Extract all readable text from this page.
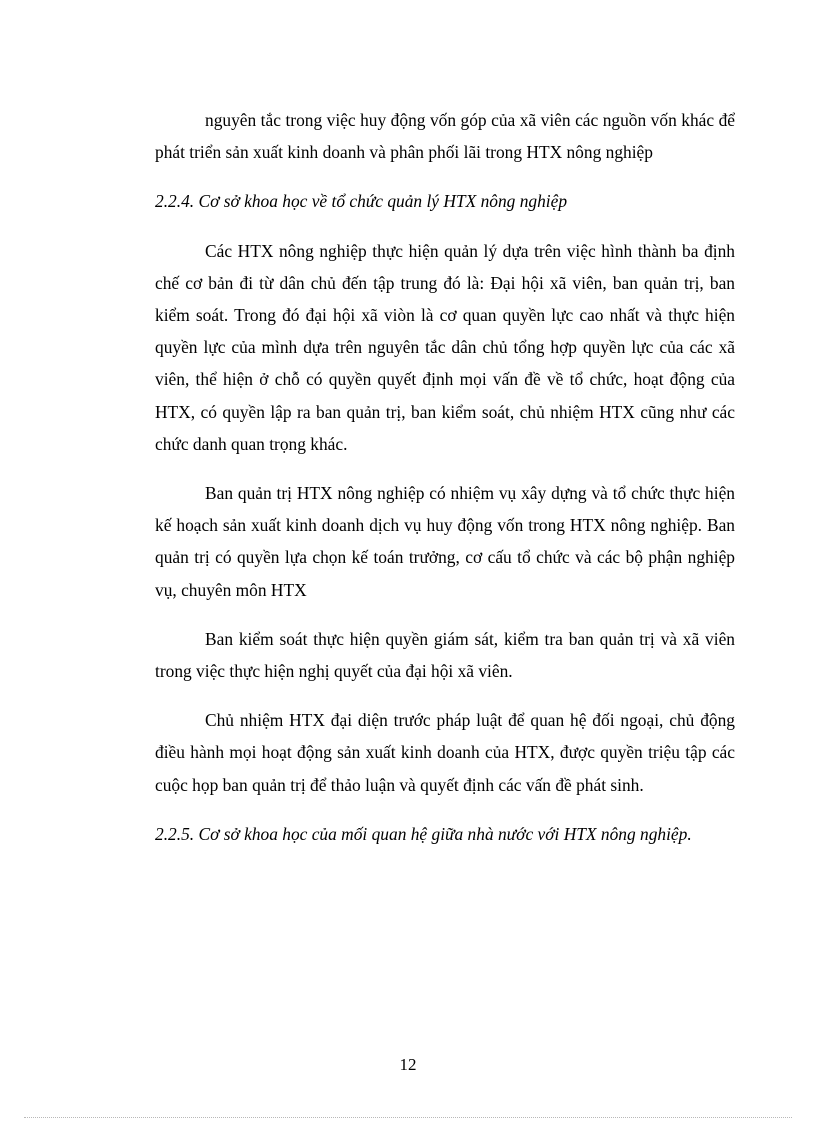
nguyên tắc trong việc huy động vốn góp của xã viên các nguồn vốn khác để phát triển sản xuất kinh doanh và phân phối lãi trong HTX nông nghiệp

2.2.4. Cơ sở khoa học về tổ chức quản lý HTX nông nghiệp

Các HTX nông nghiệp thực hiện quản lý dựa trên việc hình thành ba định chế cơ bản đi từ dân chủ đến tập trung đó là: Đại hội xã viên, ban quản trị, ban kiểm soát. Trong đó đại hội xã viòn là cơ quan quyền lực cao nhất và thực hiện quyền lực của mình dựa trên nguyên tắc dân chủ tổng hợp quyền lực của các xã viên, thể hiện ở chỗ có quyền quyết định mọi vấn đề về tổ chức, hoạt động của HTX, có quyền lập ra ban quản trị, ban kiểm soát, chủ nhiệm HTX cũng như các chức danh quan trọng khác.

Ban quản trị HTX nông nghiệp có nhiệm vụ xây dựng và tổ chức thực hiện kế hoạch sản xuất kinh doanh dịch vụ huy động vốn trong HTX nông nghiệp. Ban quản trị có quyền lựa chọn kế toán trưởng, cơ cấu tổ chức và các bộ phận nghiệp vụ, chuyên môn HTX

Ban kiểm soát thực hiện quyền giám sát, kiểm tra ban quản trị và xã viên trong việc thực hiện nghị quyết của đại hội xã viên.

Chủ nhiệm HTX đại diện trước pháp luật để quan hệ đối ngoại, chủ động điều hành mọi hoạt động sản xuất kinh doanh của HTX, được quyền triệu tập các cuộc họp ban quản trị để thảo luận và quyết định các vấn đề phát sinh.

2.2.5. Cơ sở khoa học của mối quan hệ giữa nhà nước với HTX nông nghiệp.

12
